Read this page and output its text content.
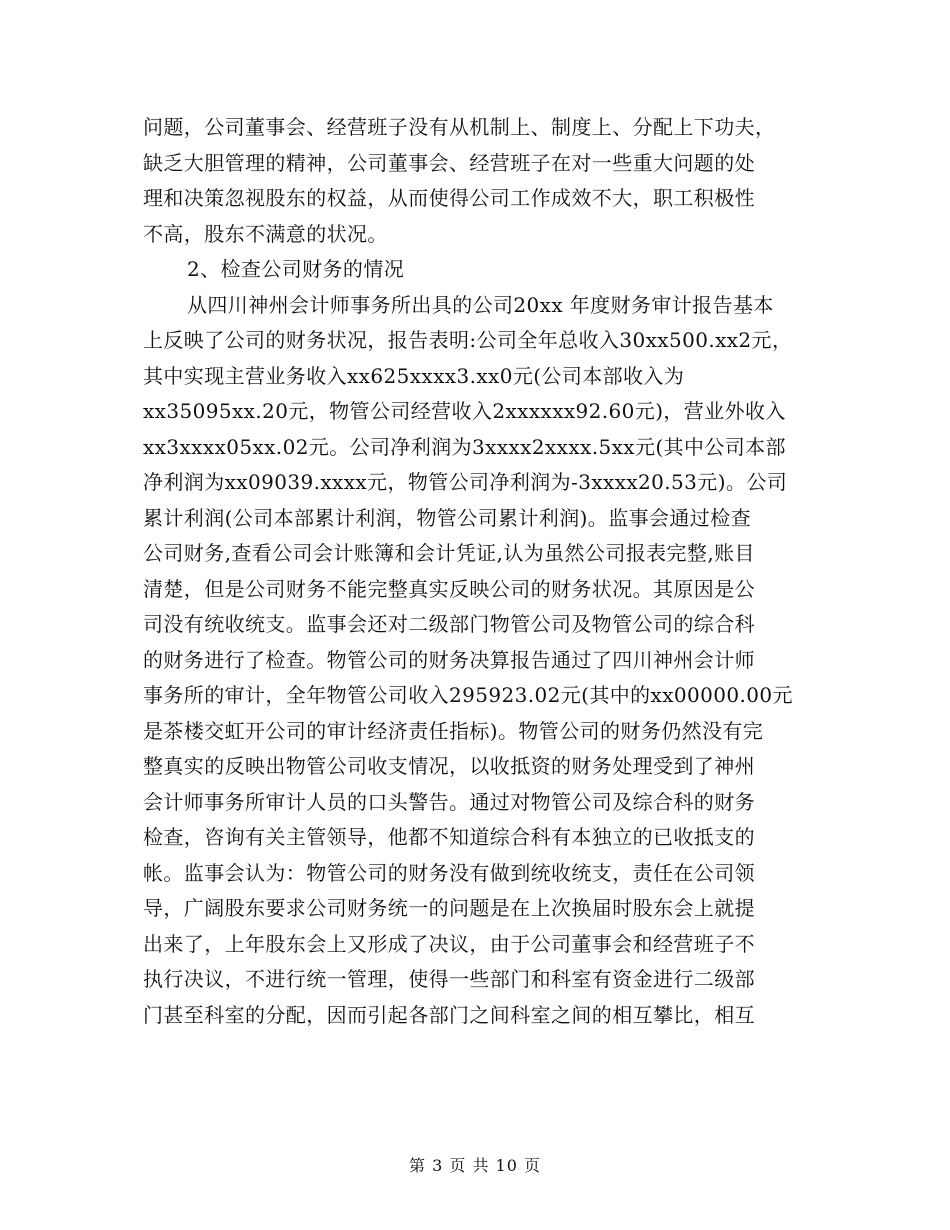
问题，公司董事会、经营班子没有从机制上、制度上、分配上下功夫，
缺乏大胆管理的精神，公司董事会、经营班子在对一些重大问题的处
理和决策忽视股东的权益，从而使得公司工作成效不大，职工积极性
不高，股东不满意的状况。
2、检查公司财务的情况
从四川神州会计师事务所出具的公司20xx 年度财务审计报告基本
上反映了公司的财务状况，报告表明:公司全年总收入30xx500.xx2元，
其中实现主营业务收入xx625xxxx3.xx0元(公司本部收入为
xx35095xx.20元，物管公司经营收入2xxxxxx92.60元)，营业外收入
xx3xxxx05xx.02元。公司净利润为3xxxx2xxxx.5xx元(其中公司本部
净利润为xx09039.xxxx元，物管公司净利润为-3xxxx20.53元)。公司
累计利润(公司本部累计利润，物管公司累计利润)。监事会通过检查
公司财务,查看公司会计账簿和会计凭证,认为虽然公司报表完整,账目
清楚，但是公司财务不能完整真实反映公司的财务状况。其原因是公
司没有统收统支。监事会还对二级部门物管公司及物管公司的综合科
的财务进行了检查。物管公司的财务决算报告通过了四川神州会计师
事务所的审计，全年物管公司收入295923.02元(其中的xx00000.00元
是茶楼交虹开公司的审计经济责任指标)。物管公司的财务仍然没有完
整真实的反映出物管公司收支情况，以收抵资的财务处理受到了神州
会计师事务所审计人员的口头警告。通过对物管公司及综合科的财务
检查，咨询有关主管领导，他都不知道综合科有本独立的已收抵支的
帐。监事会认为：物管公司的财务没有做到统收统支，责任在公司领
导，广阔股东要求公司财务统一的问题是在上次换届时股东会上就提
出来了，上年股东会上又形成了决议，由于公司董事会和经营班子不
执行决议，不进行统一管理，使得一些部门和科室有资金进行二级部
门甚至科室的分配，因而引起各部门之间科室之间的相互攀比，相互
第 3 页 共 10 页
